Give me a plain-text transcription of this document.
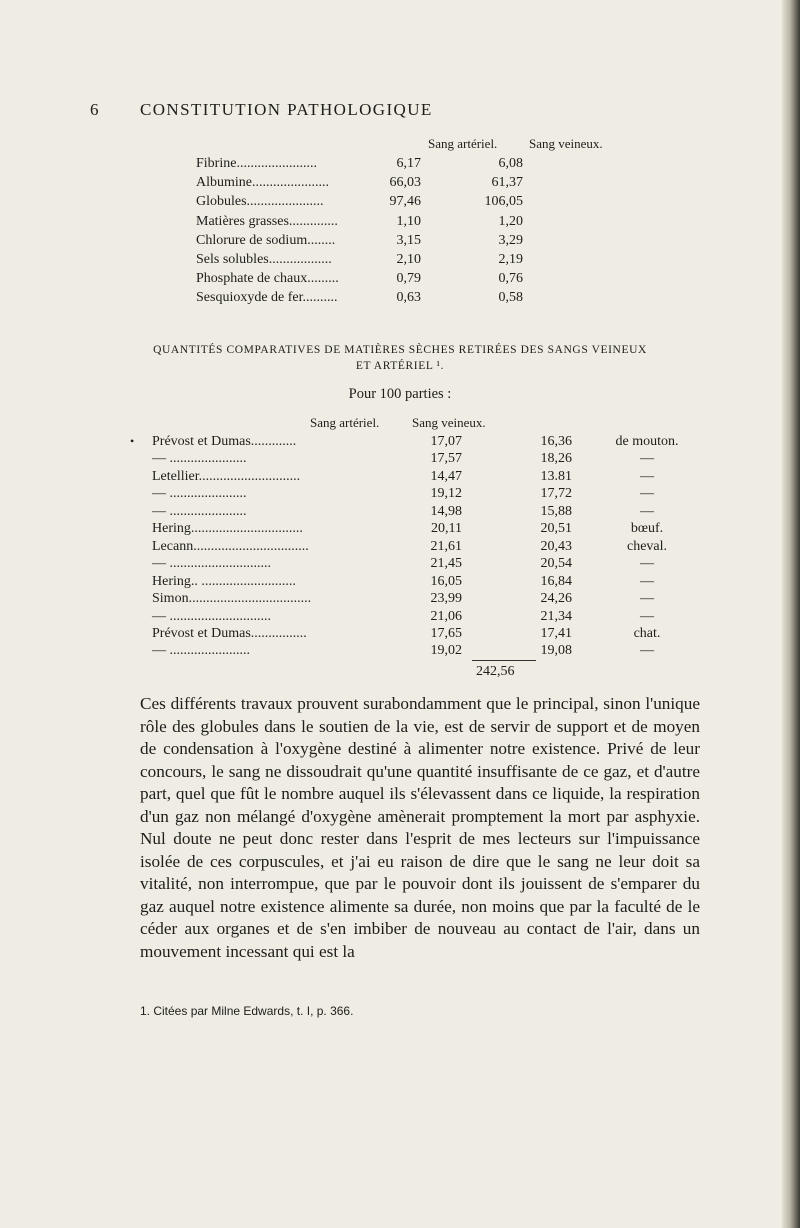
6 CONSTITUTION PATHOLOGIQUE
Sang artériel. Sang veineux.
Fibrine.......................	6,17	6,08
Albumine......................	66,03	61,37
Globules......................	97,46	106,05
Matières grasses..............	1,10	1,20
Chlorure de sodium........	3,15	3,29
Sels solubles..................	2,10	2,19
Phosphate de chaux.........	0,79	0,76
Sesquioxyde de fer..........	0,63	0,58
QUANTITÉS COMPARATIVES DE MATIÈRES SÈCHES RETIRÉES DES SANGS VEINEUX
ET ARTÉRIEL ¹.
Pour 100 parties :
Sang artériel.	Sang veineux.
• Prévost et Dumas.............	17,07	16,36	de mouton.
— ......................	17,57	18,26	—
Letellier.............................	14,47	13.81	—
— ......................	19,12	17,72	—
— ......................	14,98	15,88	—
Hering................................	20,11	20,51	bœuf.
Lecann.................................	21,61	20,43	cheval.
— .............................	21,45	20,54	—
Hering.. ...........................	16,05	16,84	—
Simon...................................	23,99	24,26	—
— .............................	21,06	21,34	—
Prévost et Dumas................	17,65	17,41	chat.
— .......................	19,02	19,08	—
242,56
Ces différents travaux prouvent surabondamment que le principal, sinon l'unique rôle des globules dans le soutien de la vie, est de servir de support et de moyen de condensation à l'oxygène destiné à alimenter notre existence. Privé de leur concours, le sang ne dissoudrait qu'une quantité insuffisante de ce gaz, et d'autre part, quel que fût le nombre auquel ils s'élevassent dans ce liquide, la respiration d'un gaz non mélangé d'oxygène amènerait promptement la mort par asphyxie. Nul doute ne peut donc rester dans l'esprit de mes lecteurs sur l'impuissance isolée de ces corpuscules, et j'ai eu raison de dire que le sang ne leur doit sa vitalité, non interrompue, que par le pouvoir dont ils jouissent de s'emparer du gaz auquel notre existence alimente sa durée, non moins que par la faculté de le céder aux organes et de s'en imbiber de nouveau au contact de l'air, dans un mouvement incessant qui est la
1. Citées par Milne Edwards, t. I, p. 366.
